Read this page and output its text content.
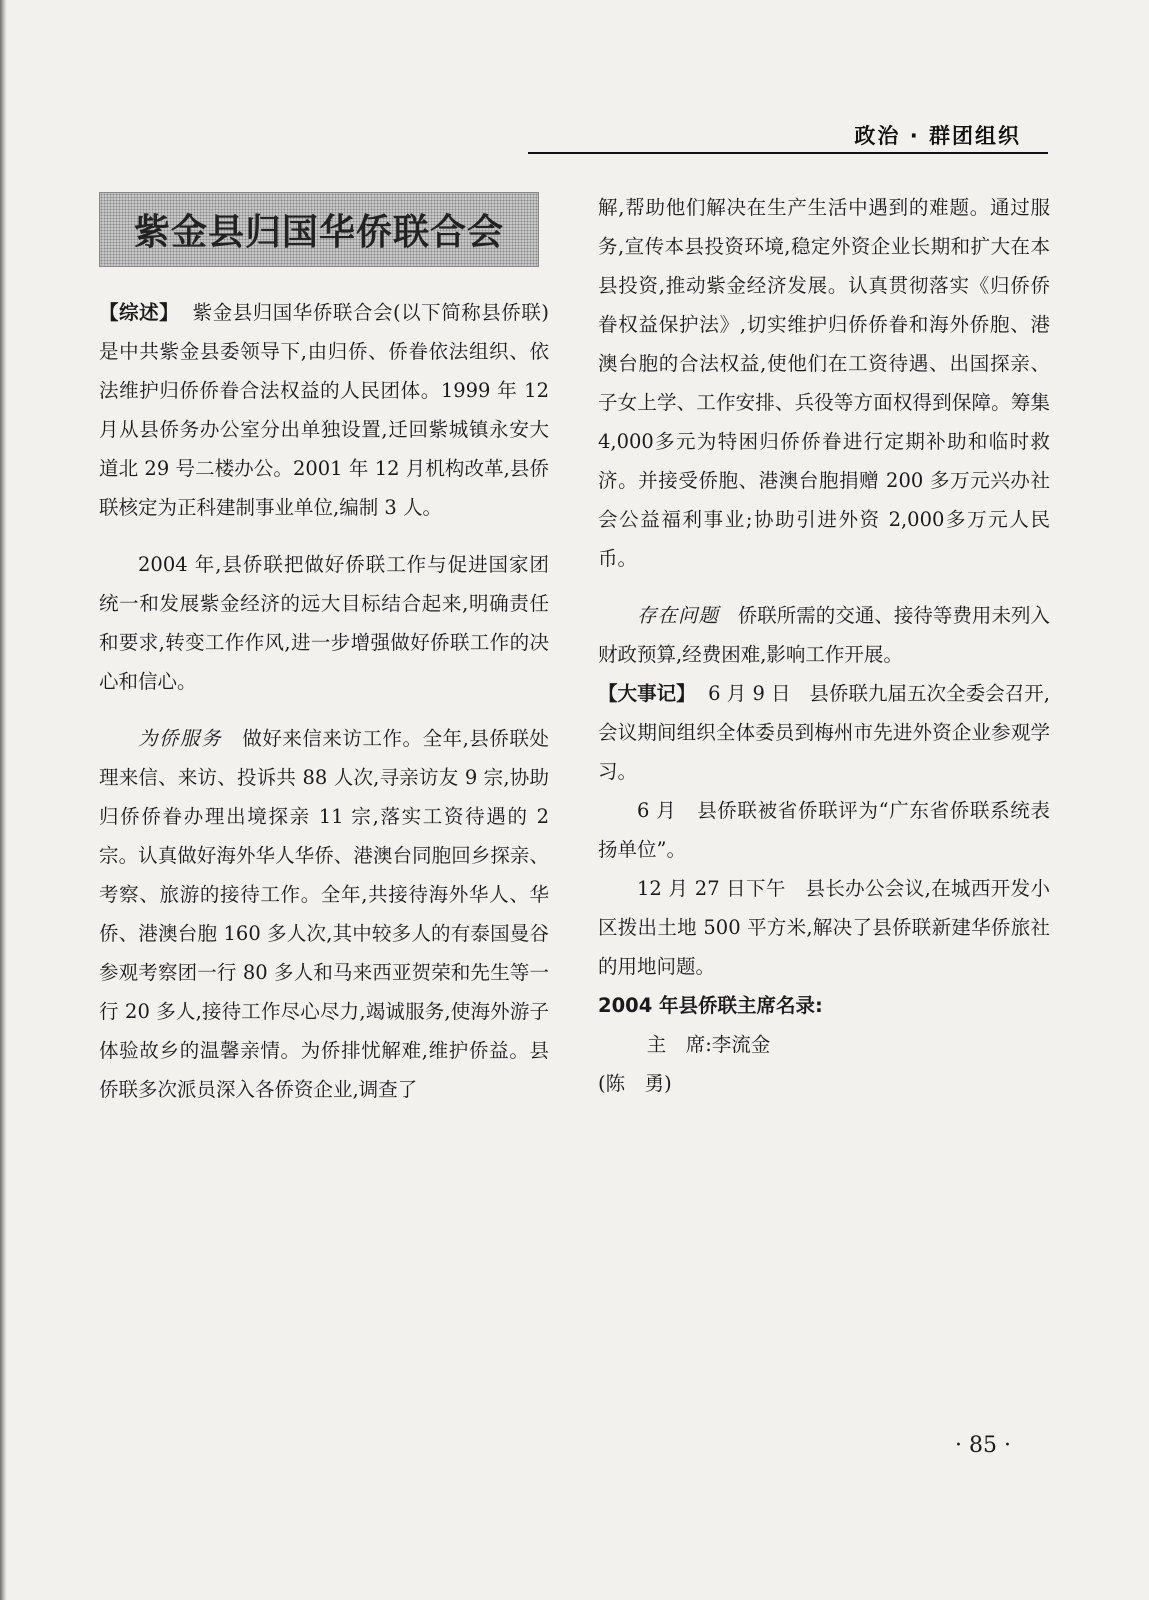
政治 · 群团组织
紫金县归国华侨联合会

【综述】 紫金县归国华侨联合会(以下简称县侨联)是中共紫金县委领导下,由归侨、侨眷依法组织、依法维护归侨侨眷合法权益的人民团体。1999 年 12 月从县侨务办公室分出单独设置,迁回紫城镇永安大道北 29 号二楼办公。2001 年 12 月机构改革,县侨联核定为正科建制事业单位,编制 3 人。

2004 年,县侨联把做好侨联工作与促进国家团统一和发展紫金经济的远大目标结合起来,明确责任和要求,转变工作作风,进一步增强做好侨联工作的决心和信心。

为侨服务 做好来信来访工作。全年,县侨联处理来信、来访、投诉共 88 人次,寻亲访友 9 宗,协助归侨侨眷办理出境探亲 11 宗,落实工资待遇的 2 宗。认真做好海外华人华侨、港澳台同胞回乡探亲、考察、旅游的接待工作。全年,共接待海外华人、华侨、港澳台胞 160 多人次,其中较多人的有泰国曼谷参观考察团一行 80 多人和马来西亚贺荣和先生等一行 20 多人,接待工作尽心尽力,竭诚服务,使海外游子体验故乡的温馨亲情。为侨排忧解难,维护侨益。县侨联多次派员深入各侨资企业,调查了

解,帮助他们解决在生产生活中遇到的难题。通过服务,宣传本县投资环境,稳定外资企业长期和扩大在本县投资,推动紫金经济发展。认真贯彻落实《归侨侨眷权益保护法》,切实维护归侨侨眷和海外侨胞、港澳台胞的合法权益,使他们在工资待遇、出国探亲、子女上学、工作安排、兵役等方面权得到保障。筹集 4,000多元为特困归侨侨眷进行定期补助和临时救济。并接受侨胞、港澳台胞捐赠 200 多万元兴办社会公益福利事业;协助引进外资 2,000多万元人民币。

存在问题 侨联所需的交通、接待等费用未列入财政预算,经费困难,影响工作开展。

【大事记】 6 月 9 日 县侨联九届五次全委会召开,会议期间组织全体委员到梅州市先进外资企业参观学习。

6 月 县侨联被省侨联评为“广东省侨联系统表扬单位”。

12 月 27 日下午 县长办公会议,在城西开发小区拨出土地 500 平方米,解决了县侨联新建华侨旅社的用地问题。

2004 年县侨联主席名录:

主　席:李流金

(陈　勇)

· 85 ·
